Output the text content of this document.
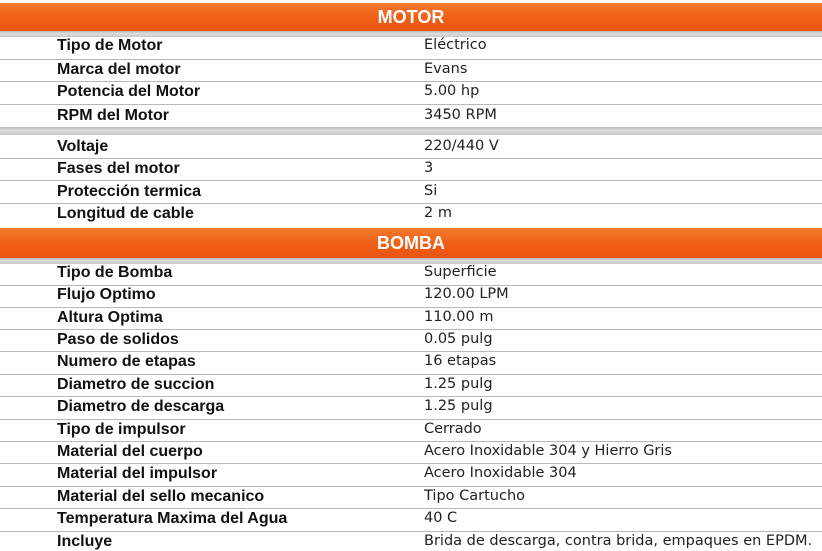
MOTOR
Tipo de Motor	Eléctrico
Marca del motor	Evans
Potencia del Motor	5.00 hp
RPM del Motor	3450 RPM
Voltaje	220/440 V
Fases del motor	3
Protección termica	Si
Longitud de cable	2 m
BOMBA
Tipo de Bomba	Superficie
Flujo Optimo	120.00 LPM
Altura Optima	110.00 m
Paso de solidos	0.05 pulg
Numero de etapas	16 etapas
Diametro de succion	1.25 pulg
Diametro de descarga	1.25 pulg
Tipo de impulsor	Cerrado
Material del cuerpo	Acero Inoxidable 304 y Hierro Gris
Material del impulsor	Acero Inoxidable 304
Material del sello mecanico	Tipo Cartucho
Temperatura Maxima del Agua	40 C
Incluye	Brida de descarga, contra brida, empaques en EPDM.
